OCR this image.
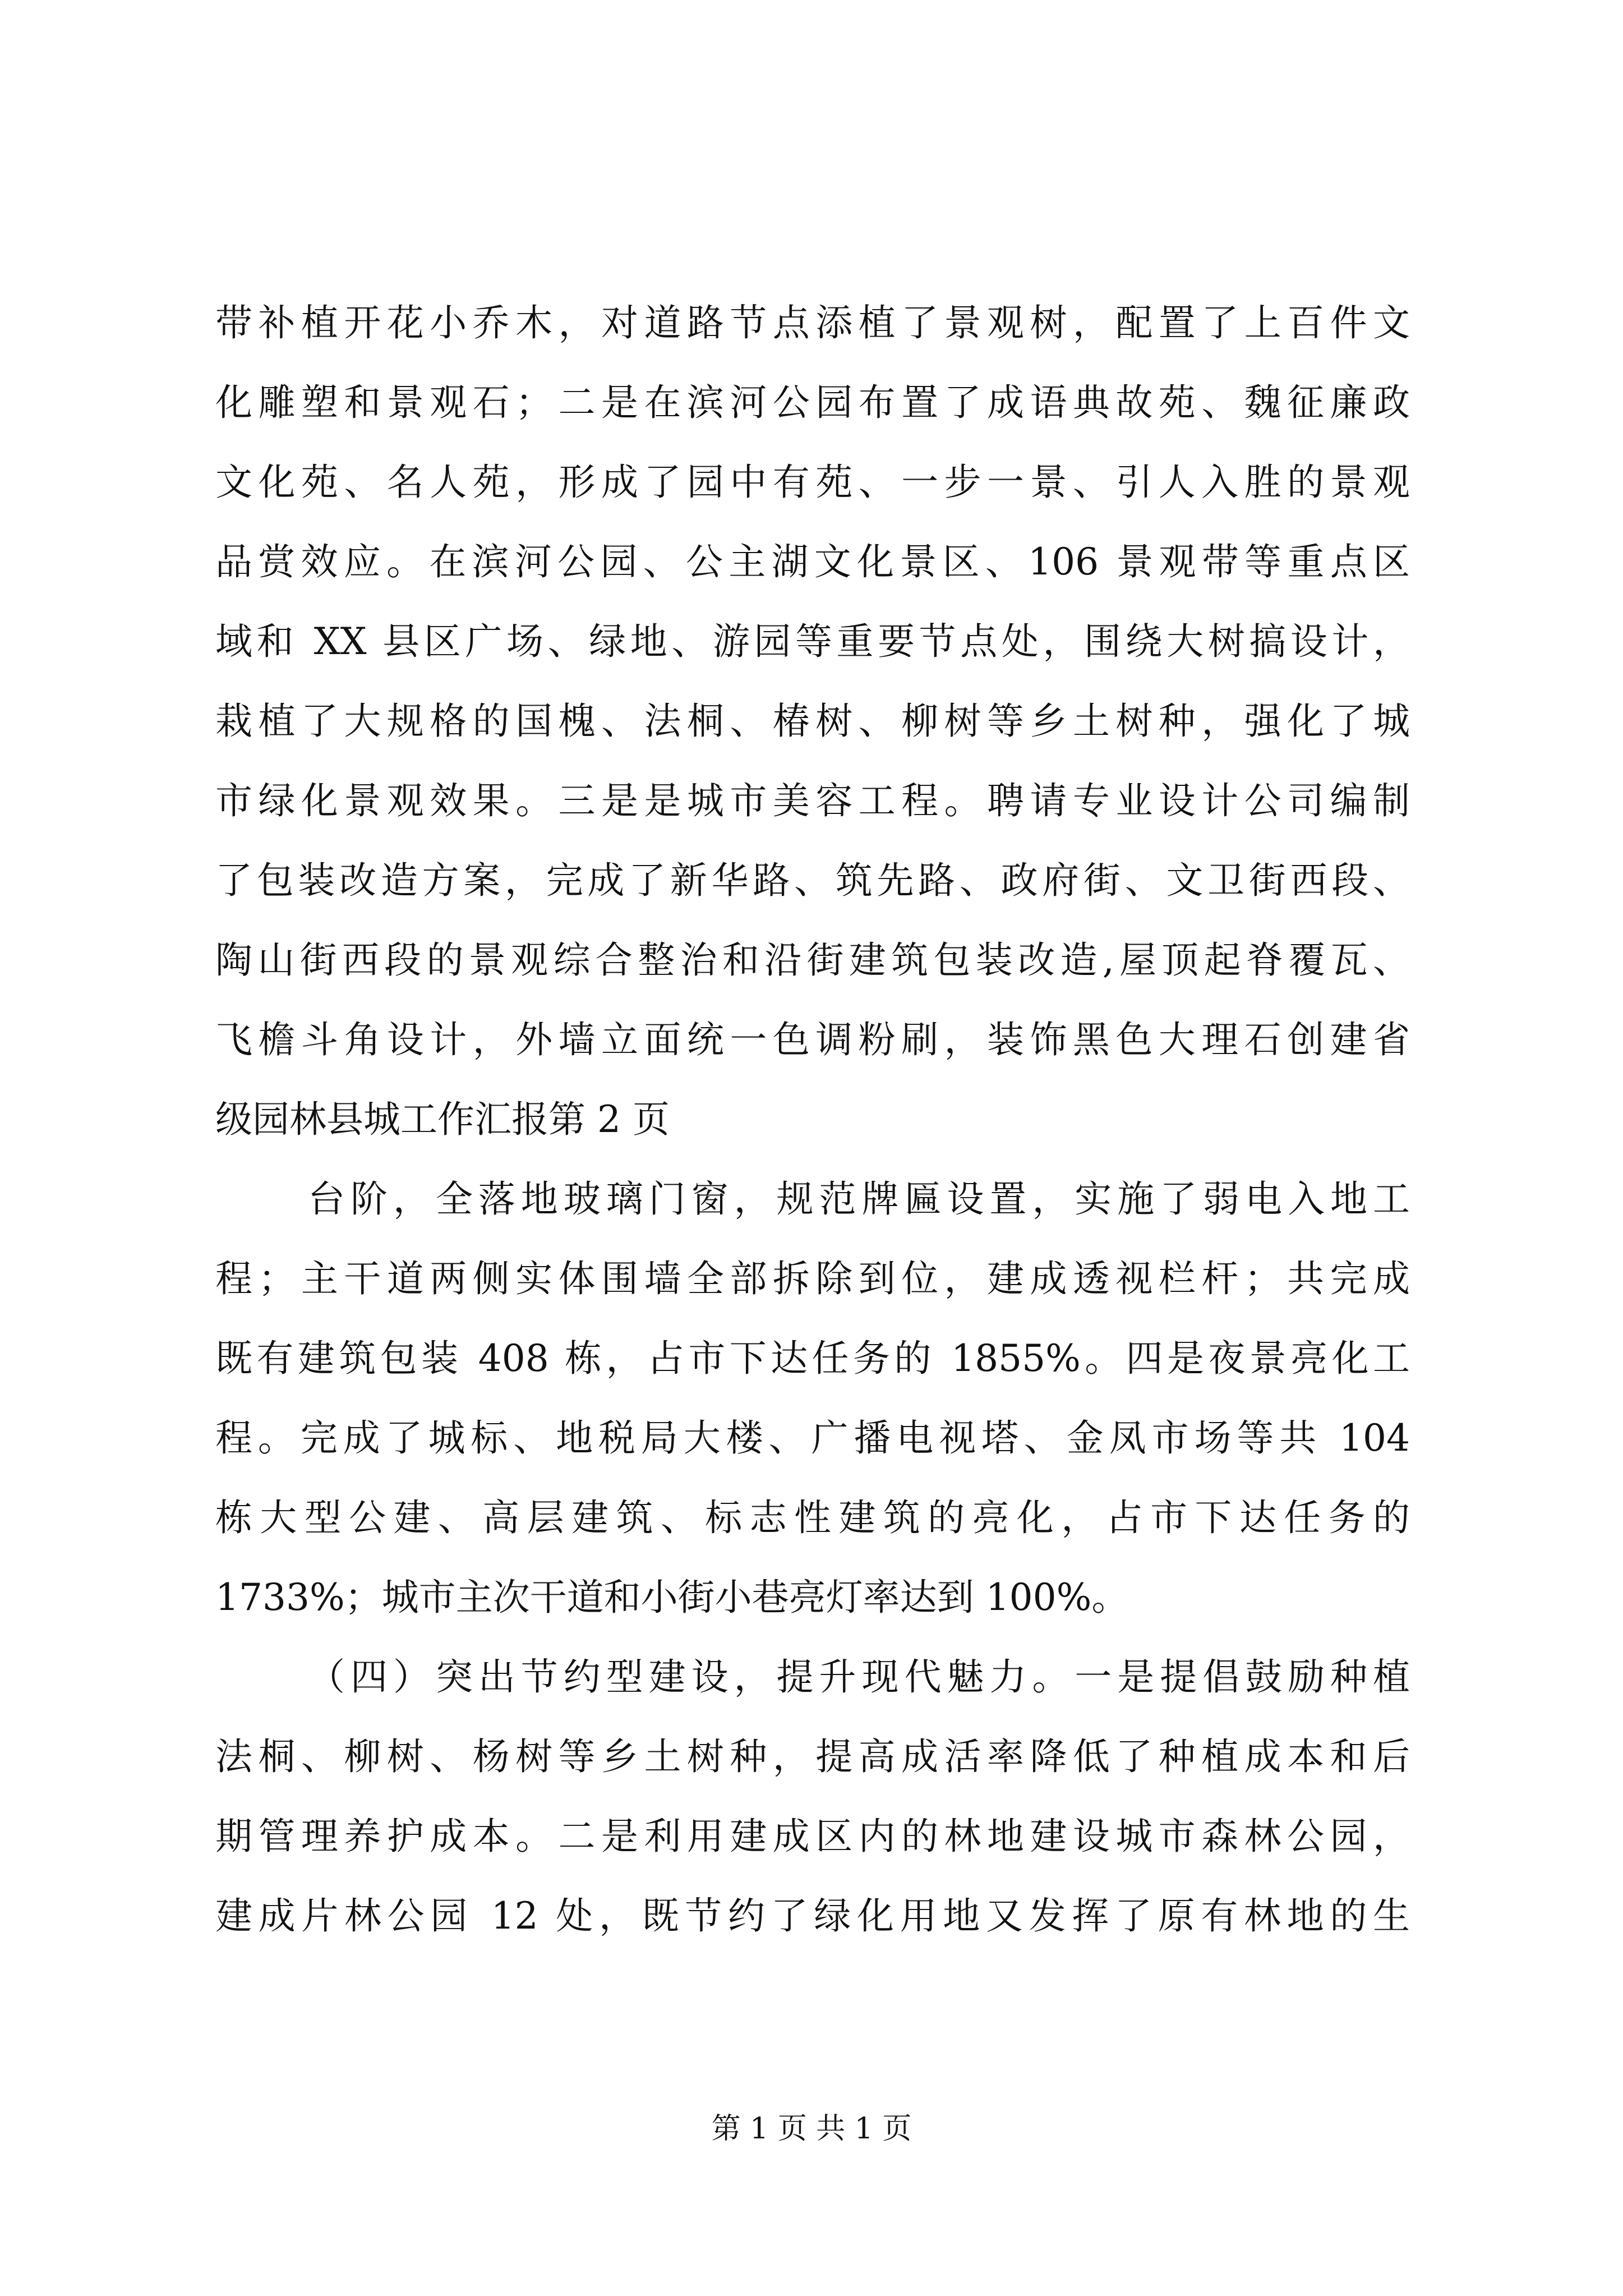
带补植开花小乔木，对道路节点添植了景观树，配置了上百件文
化雕塑和景观石；二是在滨河公园布置了成语典故苑、魏征廉政
文化苑、名人苑，形成了园中有苑、一步一景、引人入胜的景观
品赏效应。在滨河公园、公主湖文化景区、106 景观带等重点区
域和 XX 县区广场、绿地、游园等重要节点处，围绕大树搞设计，
栽植了大规格的国槐、法桐、椿树、柳树等乡土树种，强化了城
市绿化景观效果。三是是城市美容工程。聘请专业设计公司编制
了包装改造方案，完成了新华路、筑先路、政府街、文卫街西段、
陶山街西段的景观综合整治和沿街建筑包装改造,屋顶起脊覆瓦、
飞檐斗角设计，外墙立面统一色调粉刷，装饰黑色大理石创建省
级园林县城工作汇报第 2 页
台阶，全落地玻璃门窗，规范牌匾设置，实施了弱电入地工
程；主干道两侧实体围墙全部拆除到位，建成透视栏杆；共完成
既有建筑包装 408 栋，占市下达任务的 1855%。四是夜景亮化工
程。完成了城标、地税局大楼、广播电视塔、金凤市场等共 104
栋大型公建、高层建筑、标志性建筑的亮化，占市下达任务的
1733%；城市主次干道和小街小巷亮灯率达到 100%。
（四）突出节约型建设，提升现代魅力。一是提倡鼓励种植
法桐、柳树、杨树等乡土树种，提高成活率降低了种植成本和后
期管理养护成本。二是利用建成区内的林地建设城市森林公园，
建成片林公园 12 处，既节约了绿化用地又发挥了原有林地的生
第 1 页 共 1 页
